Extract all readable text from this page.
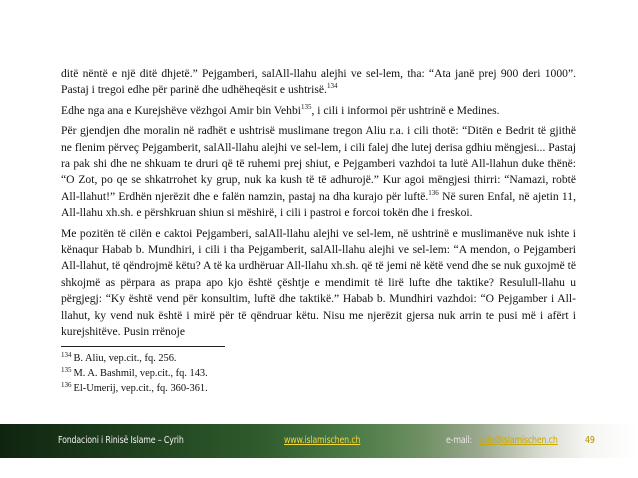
ditë nëntë e një ditë dhjetë.” Pejgamberi, salAll-llahu alejhi ve sel-lem, tha: “Ata janë prej 900 deri 1000”. Pastaj i tregoi edhe për parinë dhe udhëheqësit e ushtrisë.$^{134}$

Edhe nga ana e Kurejshëve vëzhgoi Amir bin Vehbi$^{135}$, i cili i informoi për ushtrinë e Medines.

Për gjendjen dhe moralin në radhët e ushtrisë muslimane tregon Aliu r.a. i cili thotë: “Ditën e Bedrit të gjithë ne flenim përveç Pejgamberit, salAll-llahu alejhi ve sel-lem, i cili falej dhe lutej derisa gdhiu mëngjesi... Pastaj ra pak shi dhe ne shkuam te druri që të ruhemi prej shiut, e Pejgamberi vazhdoi ta lutë All-llahun duke thënë: “O Zot, po qe se shkatrrohet ky grup, nuk ka kush të të adhurojë.” Kur agoi mëngjesi thirri: “Namazi, robtë All-llahut!” Erdhën njerëzit dhe e falën namzin, pastaj na dha kurajo për luftë.$^{136}$ Në suren Enfal, në ajetin 11, All-llahu xh.sh. e përshkruan shiun si mëshirë, i cili i pastroi e forcoi tokën dhe i freskoi.

Me pozitën të cilën e caktoi Pejgamberi, salAll-llahu alejhi ve sel-lem, në ushtrinë e muslimanëve nuk ishte i kënaqur Habab b. Mundhiri, i cili i tha Pejgamberit, salAll-llahu alejhi ve sel-lem: “A mendon, o Pejgamberi All-llahut, të qëndrojmë këtu? A të ka urdhëruar All-llahu xh.sh. që të jemi në këtë vend dhe se nuk guxojmë të shkojmë as përpara as prapa apo kjo është çështje e mendimit të lirë lufte dhe taktike? Resulull-llahu u përgjegj: “Ky është vend për konsultim, luftë dhe taktikë.” Habab b. Mundhiri vazhdoi: “O Pejgamber i All-llahut, ky vend nuk është i mirë për të qëndruar këtu. Nisu me njerëzit gjersa nuk arrin te pusi më i afërt i kurejshitëve. Pusin rrënoje

$^{134}$ B. Aliu, vep.cit., fq. 256.
$^{135}$ M. A. Bashmil, vep.cit., fq. 143.
$^{136}$ El-Umerij, vep.cit., fq. 360-361.
Fondacioni i Rinisë Islame – Cyrih	www.islamischen.ch	e-mail: info@islamischen.ch	49
